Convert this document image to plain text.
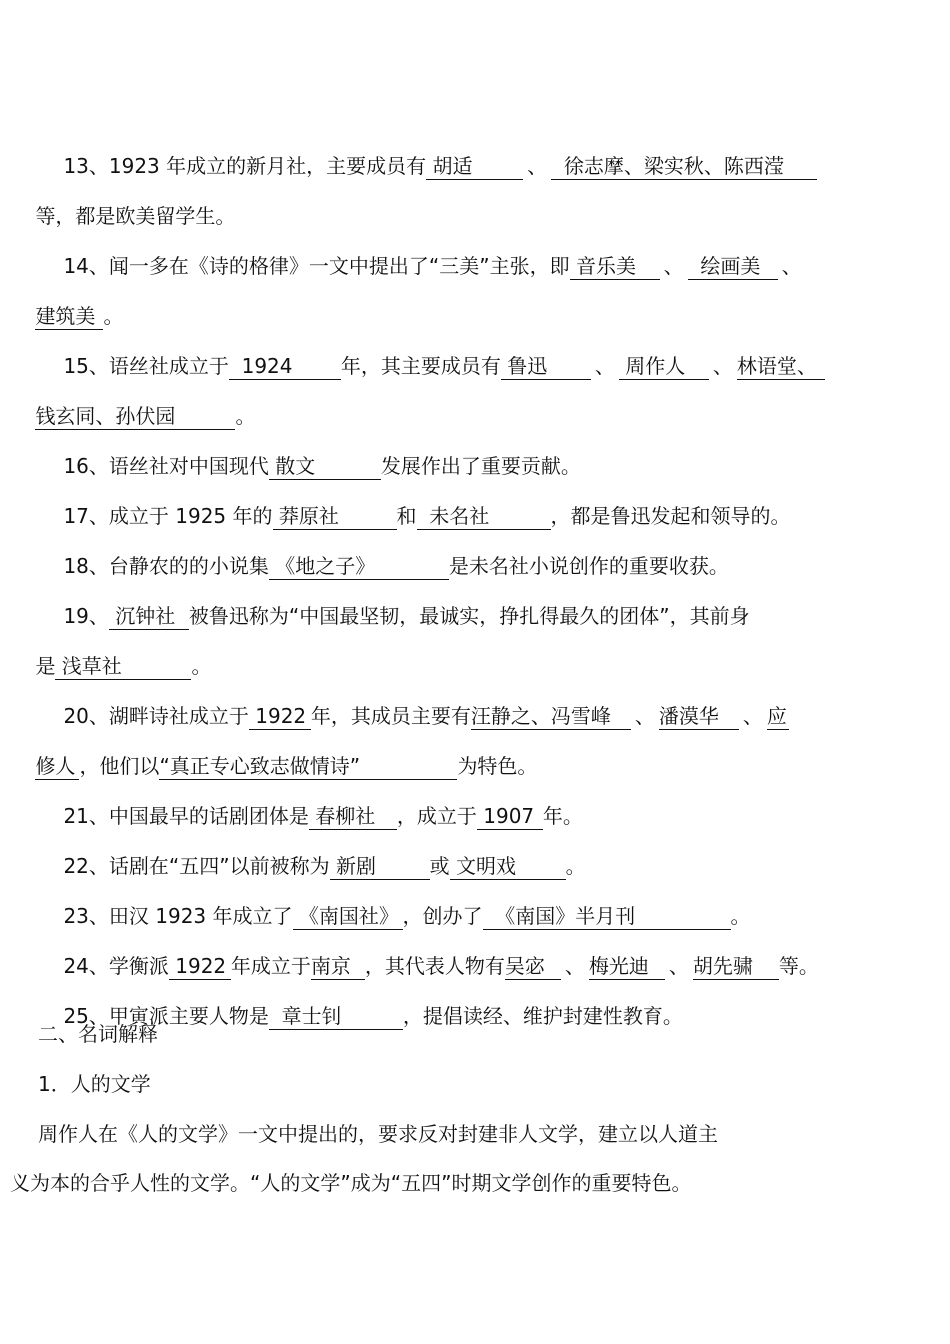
13、1923 年成立的新月社，主要成员有 胡适	、 徐志摩、梁实秋、陈西滢

等，都是欧美留学生。

14、闻一多在《诗的格律》一文中提出了“三美”主张，即 音乐美 、 绘画美 、

建筑美 。

15、语丝社成立于 1924 年，其主要成员有 鲁迅 、 周作人 、 林语堂、

钱玄同、孙伏园	。

16、语丝社对中国现代 散文	发展作出了重要贡献。

17、成立于 1925 年的 莽原社	和 未名社	，都是鲁迅发起和领导的。

18、台静农的的小说集 《地之子》	是未名社小说创作的重要收获。

19、 沉钟社 被鲁迅称为“中国最坚韧，最诚实，挣扎得最久的团体”，其前身

是 浅草社	。

20、湖畔诗社成立于 1922 年，其成员主要有汪静之、冯雪峰 、 潘漠华 、 应

修人 ，他们以“真正专心致志做情诗”	为特色。

21、中国最早的话剧团体是 春柳社 ，成立于 1907 年。

22、话剧在“五四”以前被称为 新剧	或 文明戏 。

23、田汉 1923 年成立了 《南国社》 ，创办了 《南国》半月刊	。

24、学衡派 1922 年成立于南京 ，其代表人物有吴宓 、 梅光迪 、 胡先骕 等。

25、甲寅派主要人物是 章士钊	，提倡读经、维护封建性教育。

二、名词解释
1．人的文学
周作人在《人的文学》一文中提出的，要求反对封建非人文学，建立以人道主
义为本的合乎人性的文学。“人的文学”成为“五四”时期文学创作的重要特色。
